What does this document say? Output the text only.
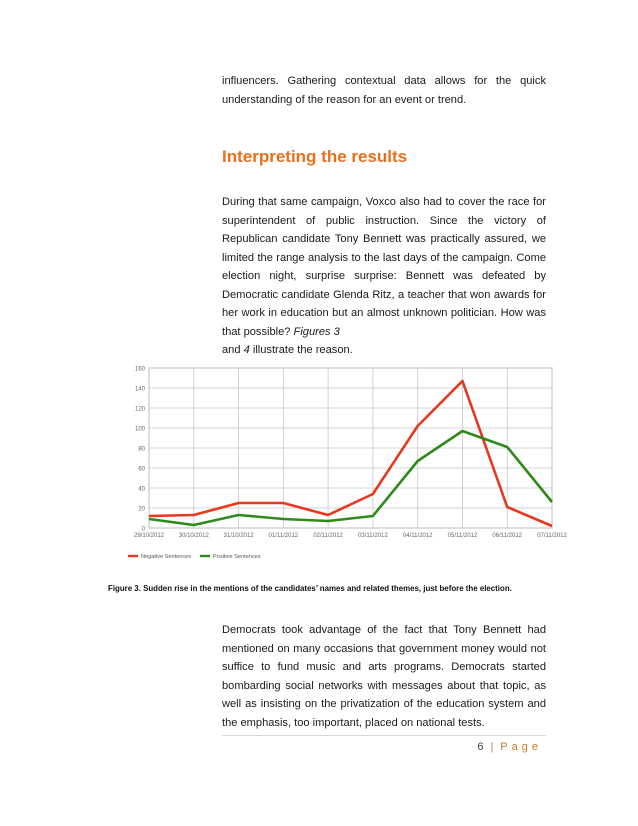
influencers. Gathering contextual data allows for the quick understanding of the reason for an event or trend.

Interpreting the results

During that same campaign, Voxco also had to cover the race for superintendent of public instruction. Since the victory of Republican candidate Tony Bennett was practically assured, we limited the range analysis to the last days of the campaign. Come election night, surprise surprise: Bennett was defeated by Democratic candidate Glenda Ritz, a teacher that won awards for her work in education but an almost unknown politician. How was that possible? Figures 3
and 4 illustrate the reason.

0
20
40
60
80
100
120
140
160
29/10/2012 30/10/2012 31/10/2012 01/11/2012	02/11/2012	03/11/2012	04/11/2012	05/11/2012	06/11/2012	07/11/2012
Negative Sentences	Positive Sentences
Figure 3. Sudden rise in the mentions of the candidates’ names and related themes, just before the election.

Democrats took advantage of the fact that Tony Bennett had mentioned on many occasions that government money would not suffice to fund music and arts programs. Democrats started bombarding social networks with messages about that topic, as well as insisting on the privatization of the education system and the emphasis, too important, placed on national tests.

6 | Page
